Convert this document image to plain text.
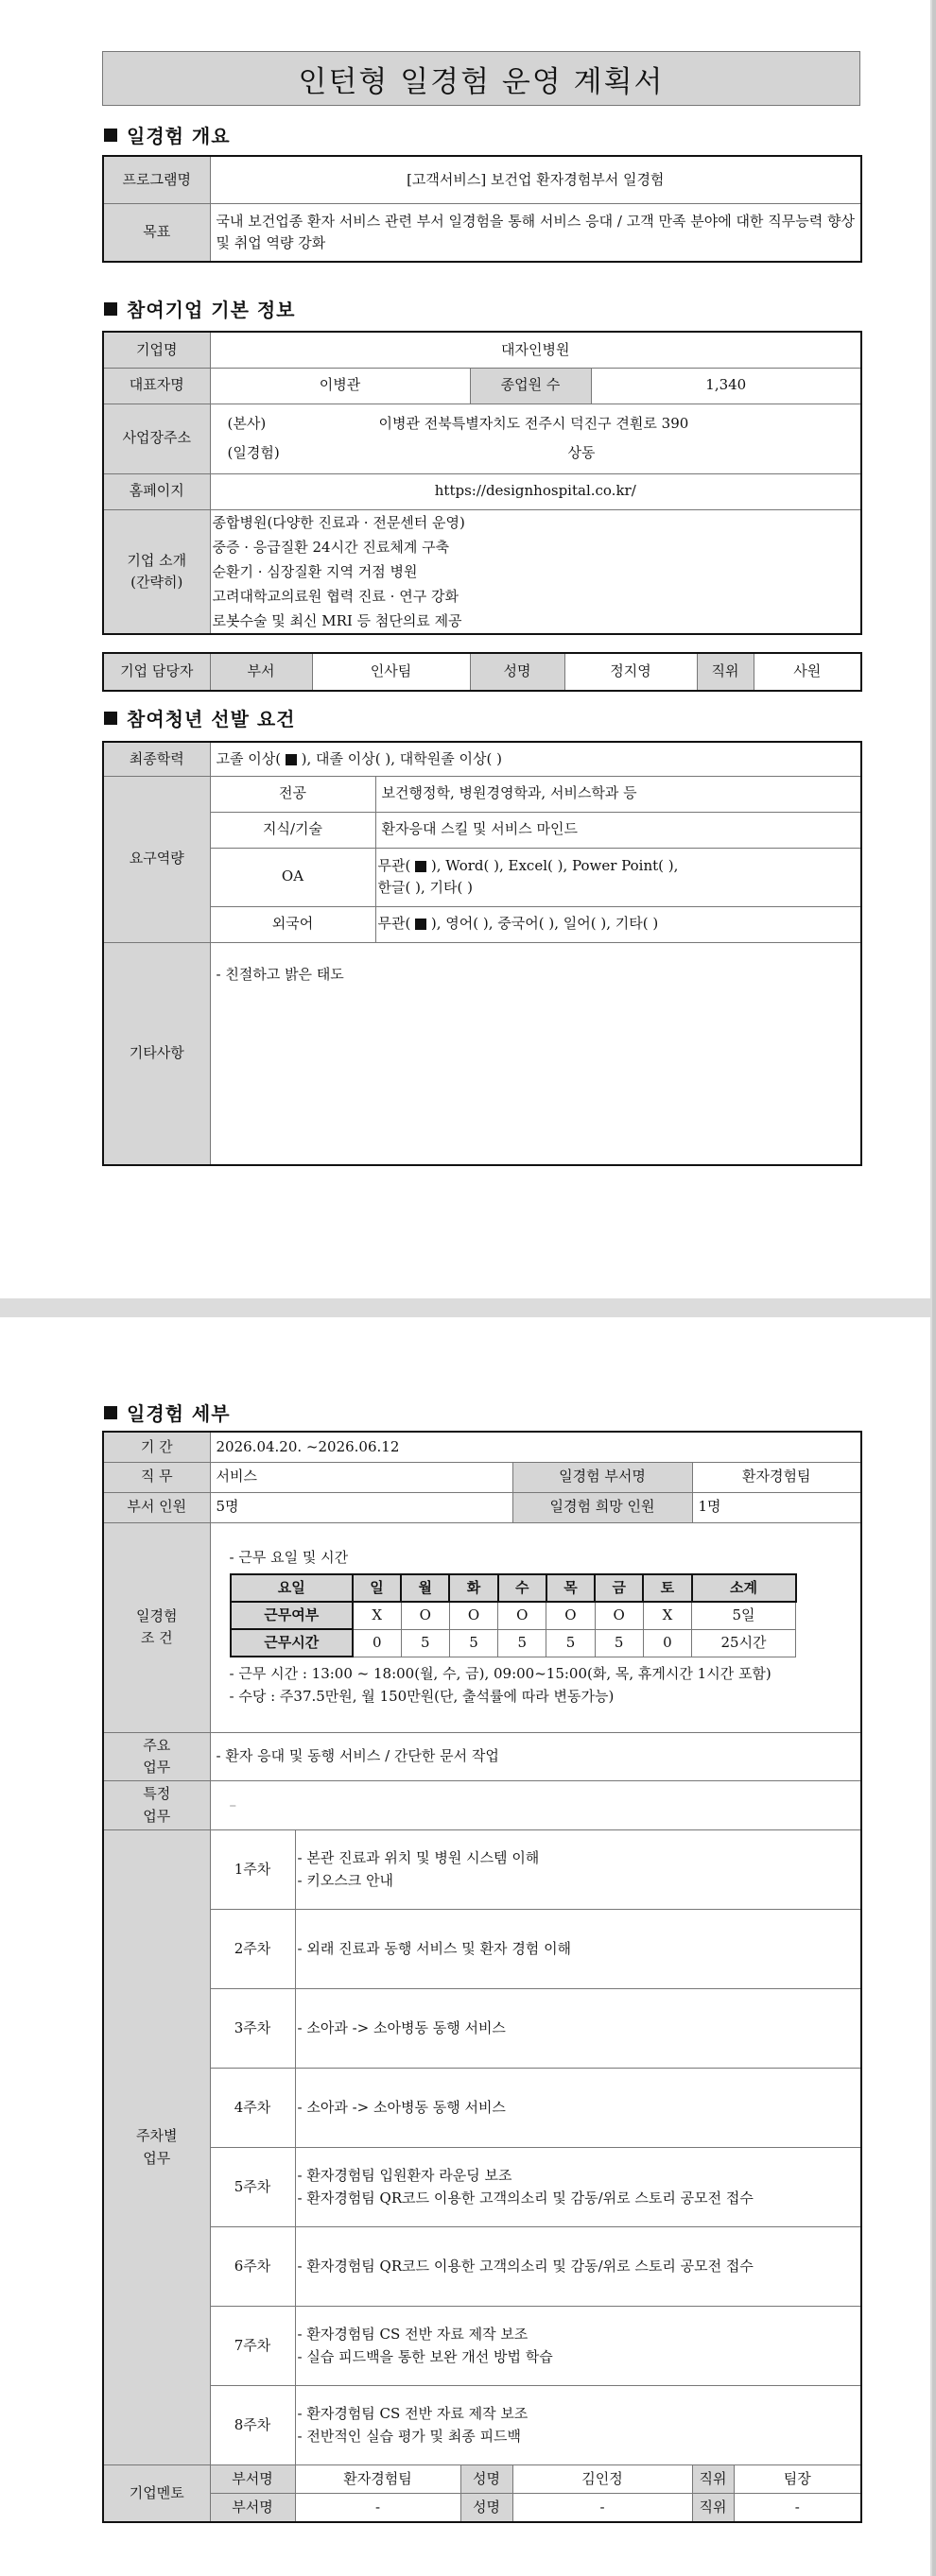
인턴형 일경험 운영 계획서
일경험 개요
프로그램명	[고객서비스] 보건업 환자경험부서 일경험
목표	국내 보건업종 환자 서비스 관련 부서 일경험을 통해 서비스 응대 / 고객 만족 분야에 대한 직무능력 향상 및 취업 역량 강화
참여기업 기본 정보
기업명	대자인병원		
대표자명	이병관	종업원 수	1,340
사업장주소	(본사) 이병관 전북특별자치도 전주시 덕진구 견훤로 390
(일경험) 상동		

홈페이지	https://designhospital.co.kr/		

기업 소개
(간략히)	종합병원(다양한 진료과 · 전문센터 운영)
중증 · 응급질환 24시간 진료체계 구축
순환기 · 심장질환 지역 거점 병원
고려대학교의료원 협력 진료 · 연구 강화
로봇수술 및 최신 MRI 등 첨단의료 제공		
기업 담당자	부서	인사팀	성명	정지영	직위	사원
참여청년 선발 요건
최종학력	고졸 이상( ), 대졸 이상( ), 대학원졸 이상( )	
요구역량	전공	보건행정학, 병원경영학과, 서비스학과 등
	지식/기술	환자응대 스킬 및 서비스 마인드
	OA	무관( ), Word( ), Excel( ), Power Point( ),
한글( ), 기타( )

	외국어	무관( ), 영어( ), 중국어( ), 일어( ), 기타( )
기타사항	- 친절하고 밝은 태도	
일경험 세부
기 간	2026.04.20. ~2026.06.12
직 무	서비스	일경험 부서명	환자경험팀
부서 인원	5명	일경험 희망 인원	1명

일경험
조 건

- 근무 요일 및 시간
요일	일	월	화	수	목	금	토	소계
근무여부	X	O	O	O	O	O	X	5일
근무시간	0	5	5	5	5	5	0	25시간
- 근무 시간 : 13:00 ~ 18:00(월, 수, 금), 09:00~15:00(화, 목, 휴게시간 1시간 포함)
- 수당 : 주37.5만원, 월 150만원(단, 출석률에 따라 변동가능)

주요
업무
	- 환자 응대 및 동행 서비스 / 간단한 문서 작업

특정
업무
	–

주차별
업무
	1주차	
- 본관 진료과 위치 및 병원 시스템 이해
- 키오스크 안내

2주차	- 외래 진료과 동행 서비스 및 환자 경험 이해

3주차	- 소아과 -> 소아병동 동행 서비스

4주차	- 소아과 -> 소아병동 동행 서비스

5주차	
- 환자경험팀 입원환자 라운딩 보조
- 환자경험팀 QR코드 이용한 고객의소리 및 감동/위로 스토리 공모전 접수

6주차	- 환자경험팀 QR코드 이용한 고객의소리 및 감동/위로 스토리 공모전 접수

7주차	
- 환자경험팀 CS 전반 자료 제작 보조
- 실습 피드백을 통한 보완 개선 방법 학습

8주차	
- 환자경험팀 CS 전반 자료 제작 보조
- 전반적인 실습 평가 및 최종 피드백

기업멘토	부서명	환자경험팀	성명	김인정	직위	팀장
부서명	-	성명	-	직위	-
